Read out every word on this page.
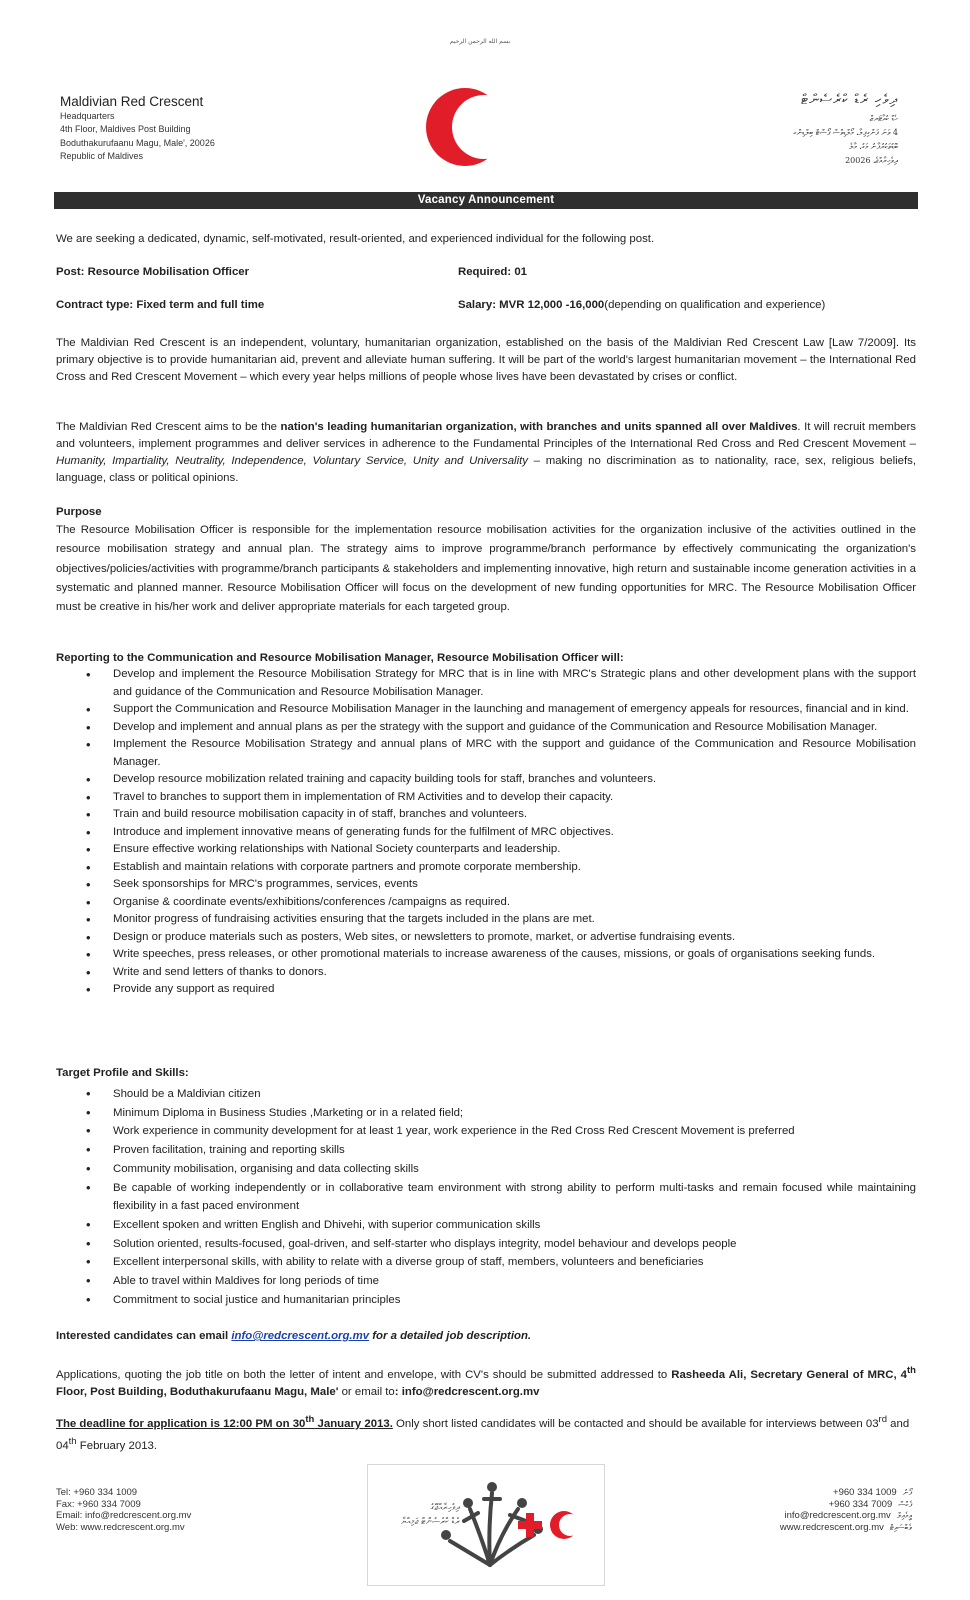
بسم الله الرحمن الرحيم
Maldivian Red Crescent
Headquarters
4th Floor, Maldives Post Building
Boduthakurufaanu Magu, Male', 20026
Republic of Maldives
ދިވެހި ރެޑް ކްރެސެންޓް
ހެޑް ކުއާޓަރޒް
4 ވަނަ ފަންގިފިލާ، މޯލްޑިވްސް ޕޯސްޓް ބިލްޑިންގ
ބޮޑުތަކުރުފާނު މަގު، މާލެ
ދިވެހިރާއްޖެ، 20026
Vacancy Announcement
We are seeking a dedicated, dynamic, self-motivated, result-oriented, and experienced individual for the following post.
Post: Resource Mobilisation Officer	Required: 01
Contract type: Fixed term and full time	Salary: MVR 12,000 -16,000(depending on qualification and experience)
The Maldivian Red Crescent is an independent, voluntary, humanitarian organization, established on the basis of the Maldivian Red Crescent Law [Law 7/2009]. Its primary objective is to provide humanitarian aid, prevent and alleviate human suffering. It will be part of the world's largest humanitarian movement – the International Red Cross and Red Crescent Movement – which every year helps millions of people whose lives have been devastated by crises or conflict.
The Maldivian Red Crescent aims to be the nation's leading humanitarian organization, with branches and units spanned all over Maldives. It will recruit members and volunteers, implement programmes and deliver services in adherence to the Fundamental Principles of the International Red Cross and Red Crescent Movement – Humanity, Impartiality, Neutrality, Independence, Voluntary Service, Unity and Universality – making no discrimination as to nationality, race, sex, religious beliefs, language, class or political opinions.
Purpose
The Resource Mobilisation Officer is responsible for the implementation resource mobilisation activities for the organization inclusive of the activities outlined in the resource mobilisation strategy and annual plan. The strategy aims to improve programme/branch performance by effectively communicating the organization's objectives/policies/activities with programme/branch participants & stakeholders and implementing innovative, high return and sustainable income generation activities in a systematic and planned manner. Resource Mobilisation Officer will focus on the development of new funding opportunities for MRC. The Resource Mobilisation Officer must be creative in his/her work and deliver appropriate materials for each targeted group.
Reporting to the Communication and Resource Mobilisation Manager, Resource Mobilisation Officer will:
• Develop and implement the Resource Mobilisation Strategy for MRC that is in line with MRC's Strategic plans and other development plans with the support and guidance of the Communication and Resource Mobilisation Manager.
• Support the Communication and Resource Mobilisation Manager in the launching and management of emergency appeals for resources, financial and in kind.
• Develop and implement and annual plans as per the strategy with the support and guidance of the Communication and Resource Mobilisation Manager.
• Implement the Resource Mobilisation Strategy and annual plans of MRC with the support and guidance of the Communication and Resource Mobilisation Manager.
• Develop resource mobilization related training and capacity building tools for staff, branches and volunteers.
• Travel to branches to support them in implementation of RM Activities and to develop their capacity.
• Train and build resource mobilisation capacity in of staff, branches and volunteers.
• Introduce and implement innovative means of generating funds for the fulfilment of MRC objectives.
• Ensure effective working relationships with National Society counterparts and leadership.
• Establish and maintain relations with corporate partners and promote corporate membership.
• Seek sponsorships for MRC's programmes, services, events
• Organise & coordinate events/exhibitions/conferences /campaigns as required.
• Monitor progress of fundraising activities ensuring that the targets included in the plans are met.
• Design or produce materials such as posters, Web sites, or newsletters to promote, market, or advertise fundraising events.
• Write speeches, press releases, or other promotional materials to increase awareness of the causes, missions, or goals of organisations seeking funds.
• Write and send letters of thanks to donors.
• Provide any support as required
Target Profile and Skills:
• Should be a Maldivian citizen
• Minimum Diploma in Business Studies ,Marketing or in a related field;
• Work experience in community development for at least 1 year, work experience in the Red Cross Red Crescent Movement is preferred
• Proven facilitation, training and reporting skills
• Community mobilisation, organising and data collecting skills
• Be capable of working independently or in collaborative team environment with strong ability to perform multi-tasks and remain focused while maintaining flexibility in a fast paced environment
• Excellent spoken and written English and Dhivehi, with superior communication skills
• Solution oriented, results-focused, goal-driven, and self-starter who displays integrity, model behaviour and develops people
• Excellent interpersonal skills, with ability to relate with a diverse group of staff, members, volunteers and beneficiaries
• Able to travel within Maldives for long periods of time
• Commitment to social justice and humanitarian principles
Interested candidates can email info@redcrescent.org.mv for a detailed job description.
Applications, quoting the job title on both the letter of intent and envelope, with CV's should be submitted addressed to Rasheeda Ali, Secretary General of MRC, 4th Floor, Post Building, Boduthakurufaanu Magu, Male' or email to: info@redcrescent.org.mv
The deadline for application is 12:00 PM on 30th January 2013. Only short listed candidates will be contacted and should be available for interviews between 03rd and 04th February 2013.
Tel: +960 334 1009
Fax: +960 334 7009
Email: info@redcrescent.org.mv
Web: www.redcrescent.org.mv
ދިވެހިރާއްޖޭގެ
ރެޑް ކްރެސެންޓް ޖަމިއްޔާ
+960 334 1009 ފޯނު
+960 334 7009 ފެކްސް
info@redcrescent.org.mv އީމެއިލް
www.redcrescent.org.mv ވެބްސައިޓް
